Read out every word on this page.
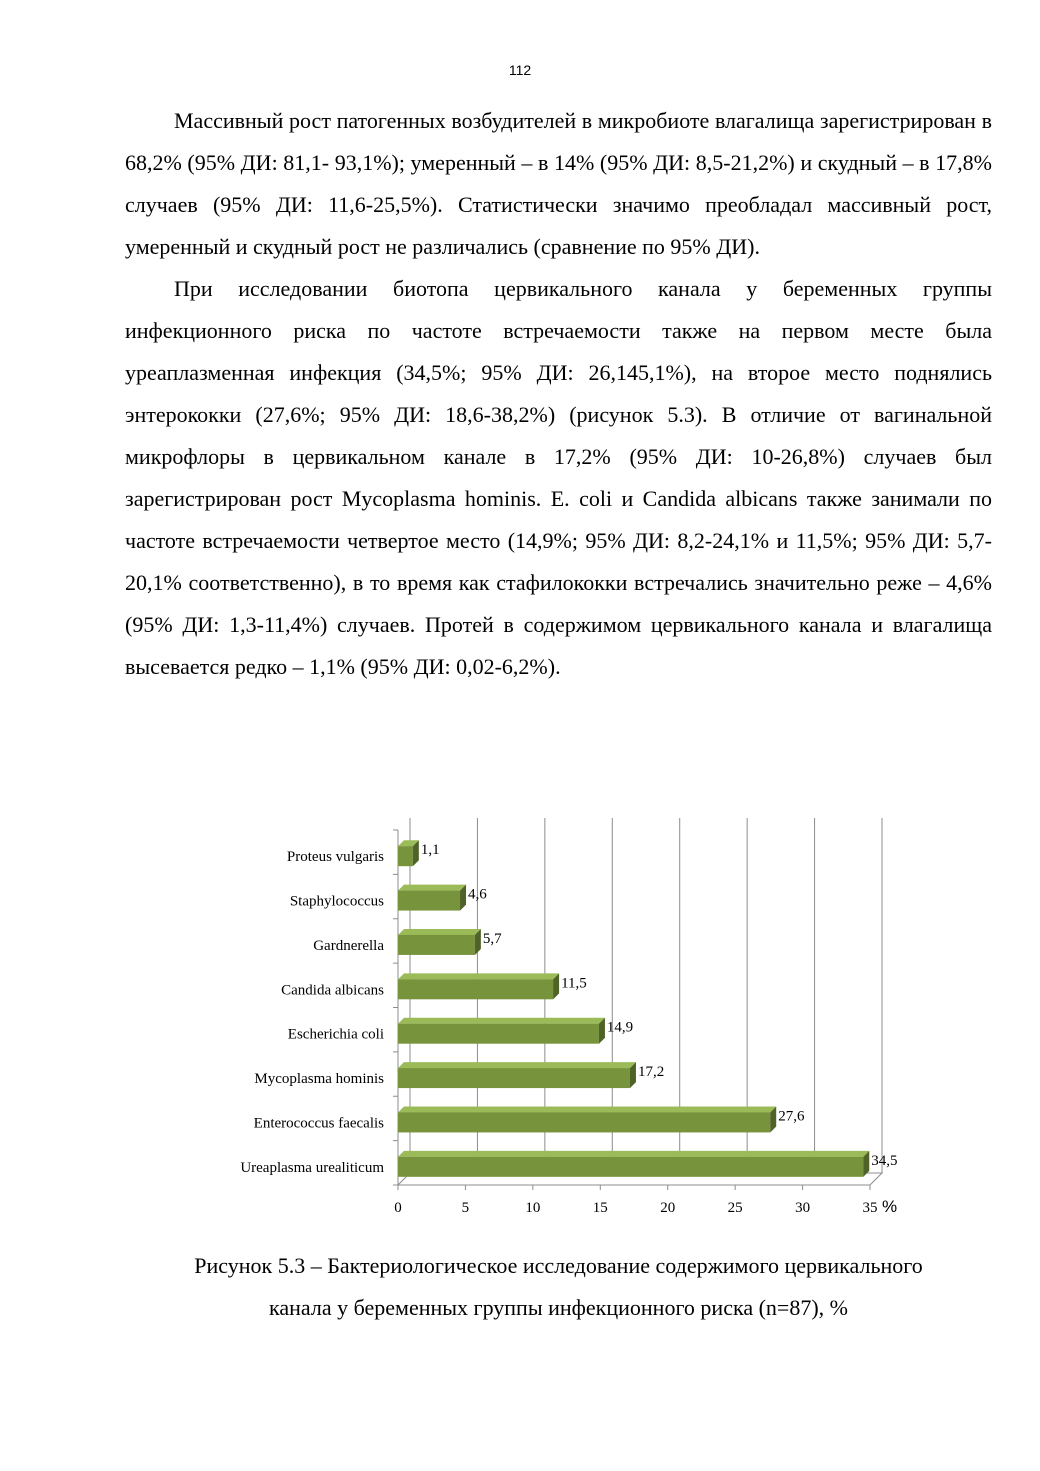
112

Массивный рост патогенных возбудителей в микробиоте влагалища зарегистрирован в 68,2% (95% ДИ: 81,1- 93,1%); умеренный – в 14% (95% ДИ: 8,5-21,2%) и скудный – в 17,8% случаев (95% ДИ: 11,6-25,5%). Статистически значимо преобладал массивный рост, умеренный и скудный рост не различались (сравнение по 95% ДИ).

При исследовании биотопа цервикального канала у беременных группы инфекционного риска по частоте встречаемости также на первом месте была уреаплазменная инфекция (34,5%; 95% ДИ: 26,145,1%), на второе место поднялись энтерококки (27,6%; 95% ДИ: 18,6-38,2%) (рисунок 5.3). В отличие от вагинальной микрофлоры в цервикальном канале в 17,2% (95% ДИ: 10-26,8%) случаев был зарегистрирован рост Mycoplasma hominis. E. coli и Candida albicans также занимали по частоте встречаемости четвертое место (14,9%; 95% ДИ: 8,2-24,1% и 11,5%; 95% ДИ: 5,7-20,1% соответственно), в то время как стафилококки встречались значительно реже – 4,6% (95% ДИ: 1,3-11,4%) случаев. Протей в содержимом цервикального канала и влагалища высевается редко – 1,1% (95% ДИ: 0,02-6,2%).

0	5	10	15	20	25	30	35 %
Proteus vulgaris 1,1
Staphylococcus	4,6
Gardnerella	5,7
Candida albicans	11,5
Escherichia coli	14,9
Mycoplasma hominis	17,2
Enterococcus faecalis	27,6
Ureaplasma urealiticum	34,5
Рисунок 5.3 – Бактериологическое исследование содержимого цервикального
канала у беременных группы инфекционного риска (n=87), %
